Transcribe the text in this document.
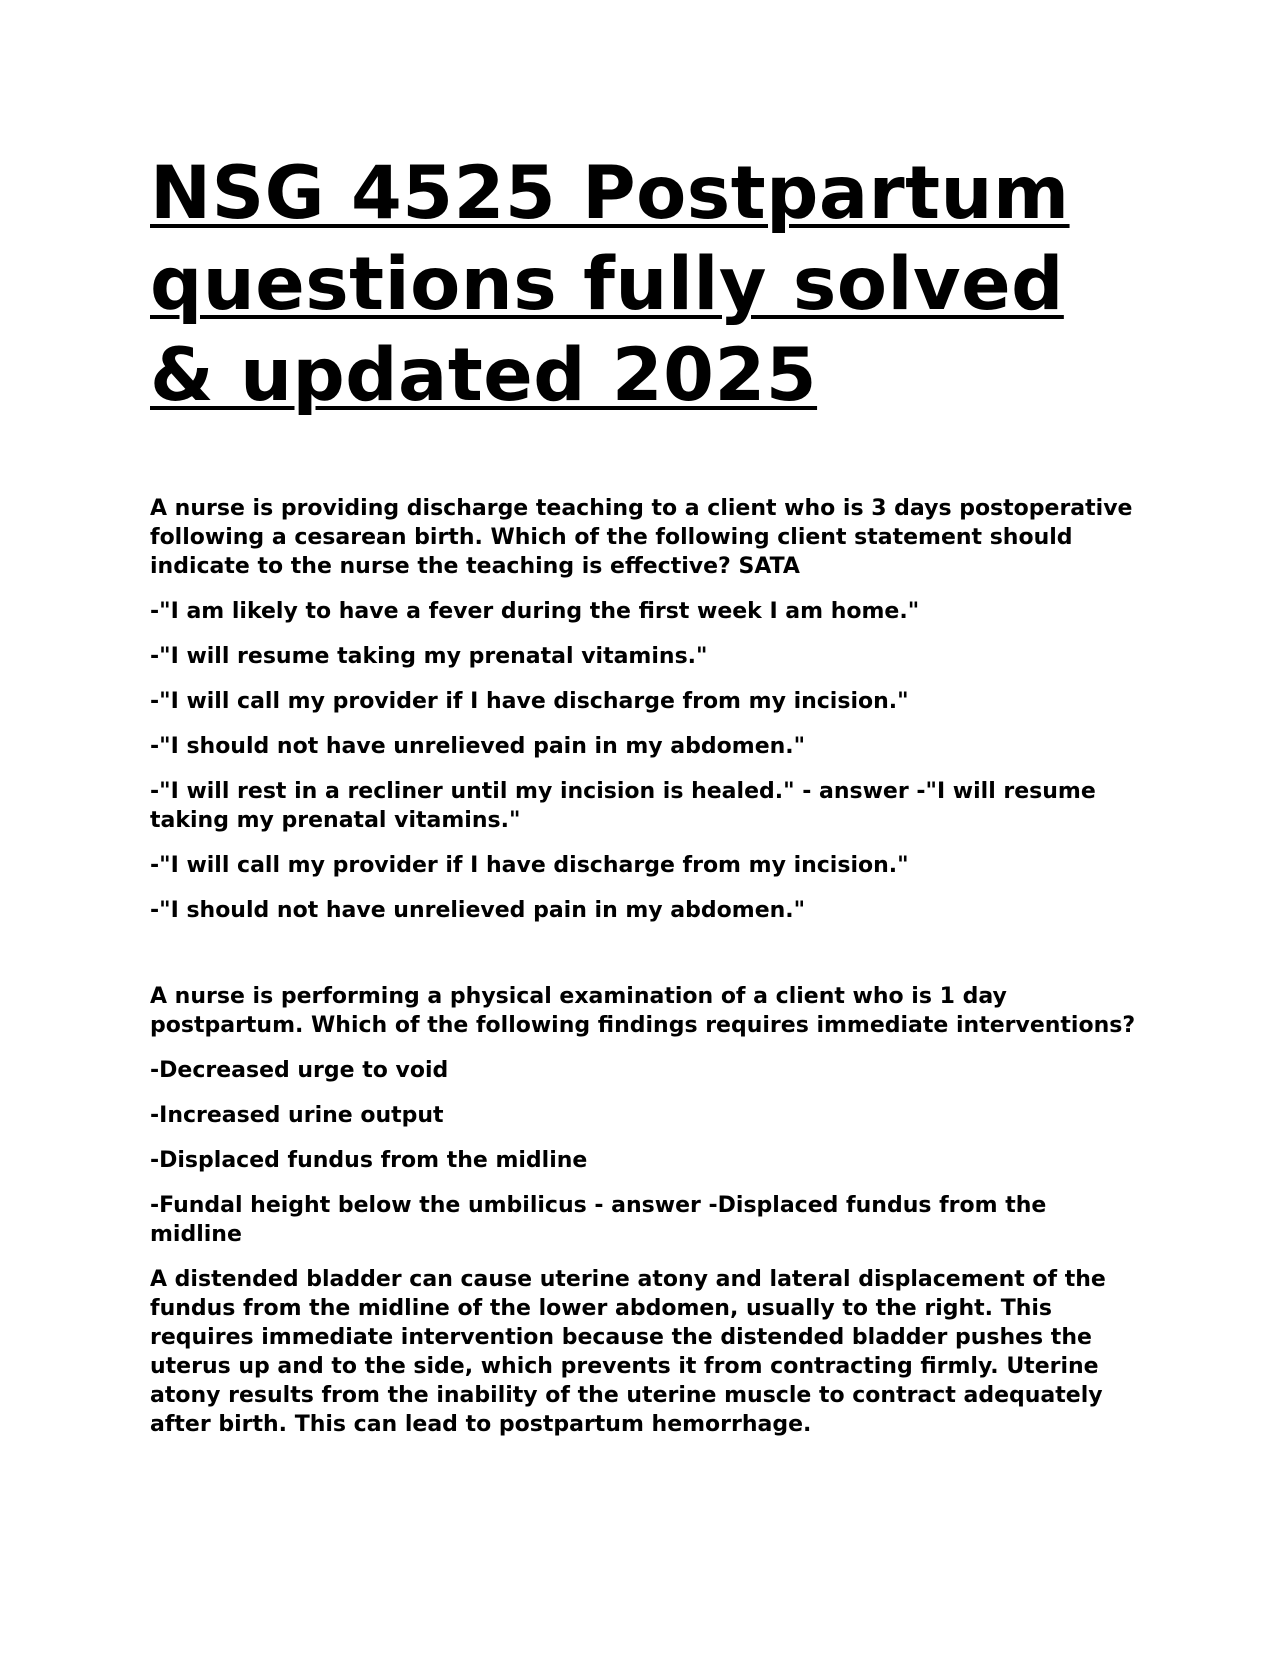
NSG 4525 Postpartum questions fully solved & updated 2025

A nurse is providing discharge teaching to a client who is 3 days postoperative following a cesarean birth. Which of the following client statement should indicate to the nurse the teaching is effective? SATA

-"I am likely to have a fever during the first week I am home."

-"I will resume taking my prenatal vitamins."

-"I will call my provider if I have discharge from my incision."

-"I should not have unrelieved pain in my abdomen."

-"I will rest in a recliner until my incision is healed." - answer -"I will resume taking my prenatal vitamins."

-"I will call my provider if I have discharge from my incision."

-"I should not have unrelieved pain in my abdomen."

A nurse is performing a physical examination of a client who is 1 day postpartum. Which of the following findings requires immediate interventions?

-Decreased urge to void

-Increased urine output

-Displaced fundus from the midline

-Fundal height below the umbilicus - answer -Displaced fundus from the midline

A distended bladder can cause uterine atony and lateral displacement of the fundus from the midline of the lower abdomen, usually to the right. This requires immediate intervention because the distended bladder pushes the uterus up and to the side, which prevents it from contracting firmly. Uterine atony results from the inability of the uterine muscle to contract adequately after birth. This can lead to postpartum hemorrhage.
